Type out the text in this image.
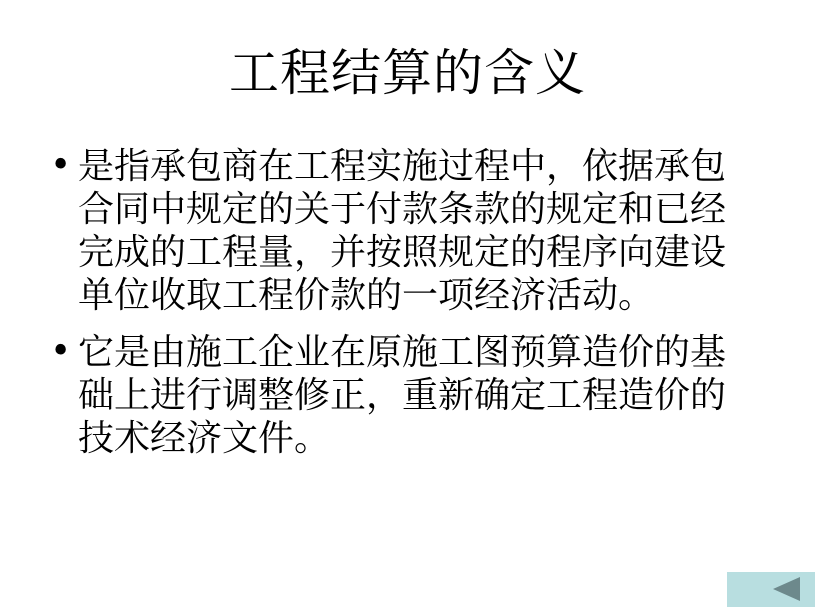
工程结算的含义
• 是指承包商在工程实施过程中，依据承包合同中规定的关于付款条款的规定和已经完成的工程量，并按照规定的程序向建设单位收取工程价款的一项经济活动。
• 它是由施工企业在原施工图预算造价的基础上进行调整修正，重新确定工程造价的技术经济文件。
